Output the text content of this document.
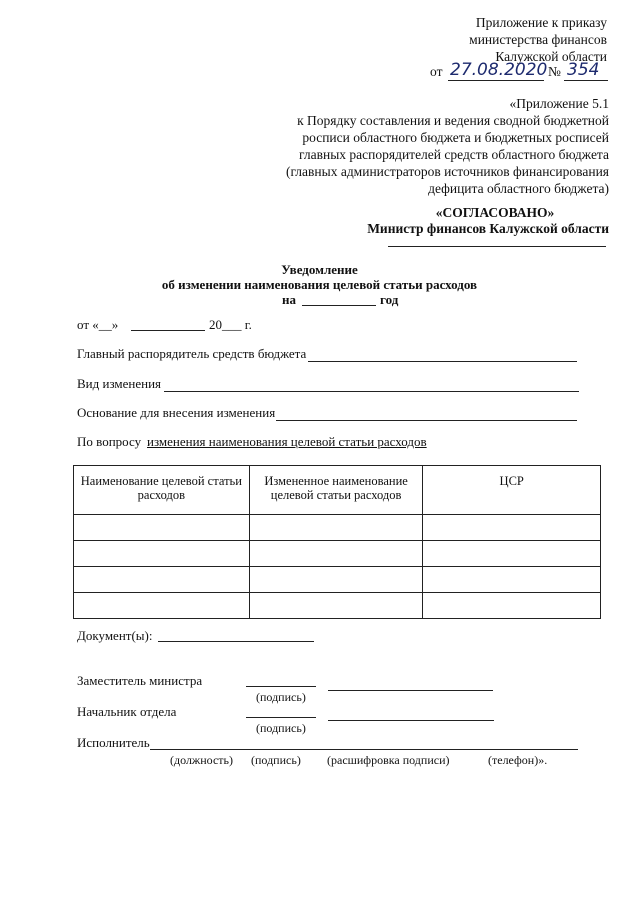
Приложение к приказу
министерства финансов
Калужской области
от 27.08.2020 № 354
«Приложение 5.1
к Порядку составления и ведения сводной бюджетной
росписи областного бюджета и бюджетных росписей
главных распорядителей средств областного бюджета
(главных администраторов источников финансирования
дефицита областного бюджета)
«СОГЛАСОВАНО»
Министр финансов Калужской области
Уведомление
об изменении наименования целевой статьи расходов
на	год
от «__»	20___ г.
Главный распорядитель средств бюджета
Вид изменения
Основание для внесения изменения
По вопросу изменения наименования целевой статьи расходов
Наименование целевой статьи расходов	Измененное наименование целевой статьи расходов	ЦСР

Документ(ы):
Заместитель министра
(подпись)
Начальник отдела
(подпись)
Исполнитель
(должность) (подпись) (расшифровка подписи)	(телефон)».
